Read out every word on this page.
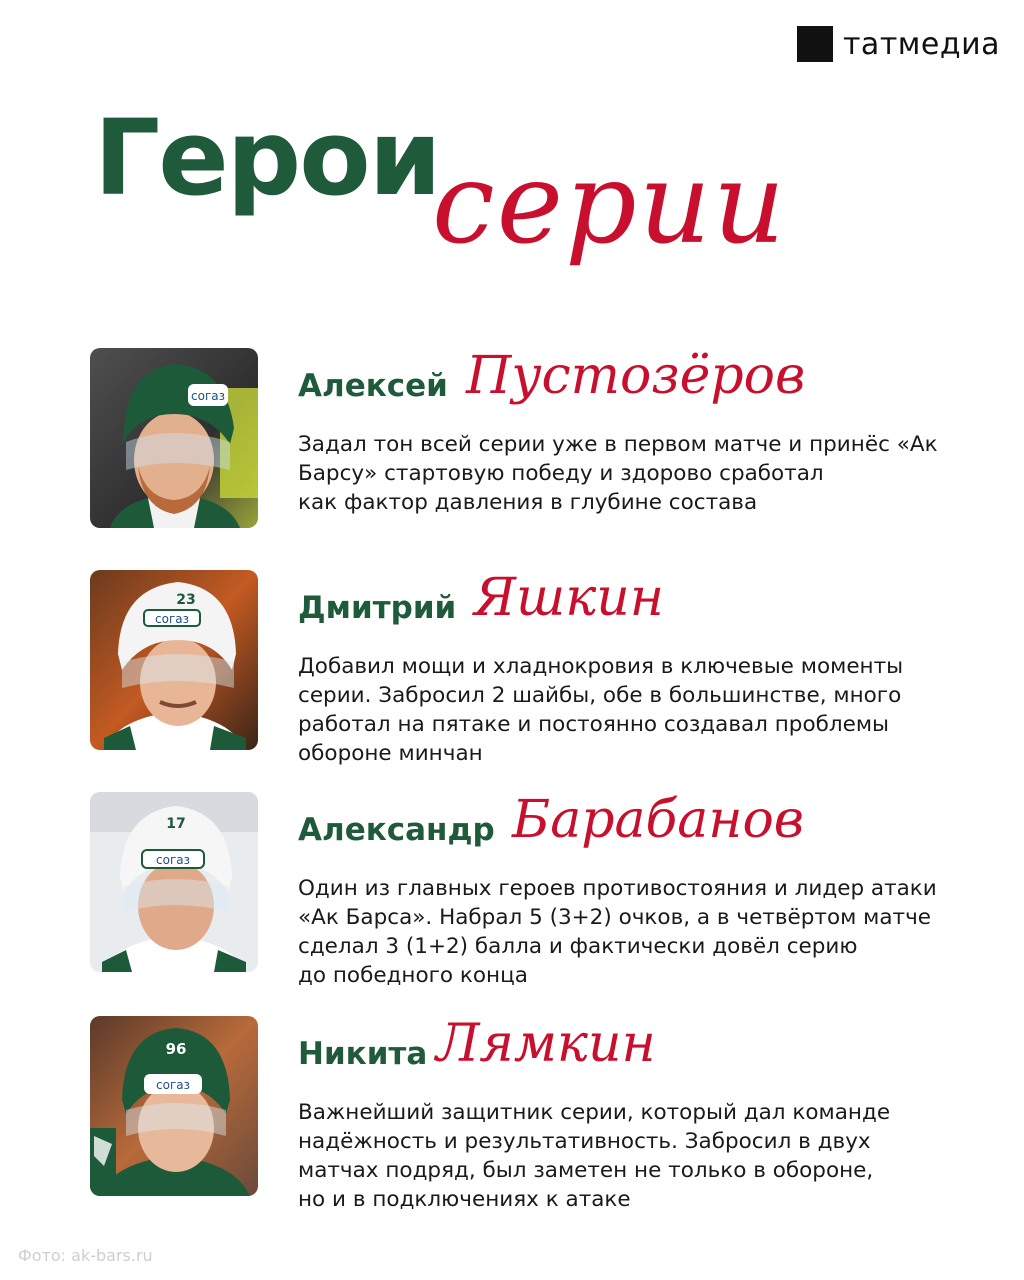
татмедиа
Герои
серии
согаз Алексей Пустозёров
Задал тон всей серии уже в первом матче и принёс «Ак
Барсу» стартовую победу и здорово сработал
как фактор давления в глубине состава
согаз
23	Дмитрий Яшкин
Добавил мощи и хладнокровия в ключевые моменты
серии. Забросил 2 шайбы, обе в большинстве, много
работал на пятаке и постоянно создавал проблемы
обороне минчан
согаз
17	Александр Барабанов
Один из главных героев противостояния и лидер атаки
«Ак Барса». Набрал 5 (3+2) очков, а в четвёртом матче
сделал 3 (1+2) балла и фактически довёл серию
до победного конца
согаз
96	Никита Лямкин
Важнейший защитник серии, который дал команде
надёжность и результативность. Забросил в двух
матчах подряд, был заметен не только в обороне,
но и в подключениях к атаке
Фото: ak-bars.ru
